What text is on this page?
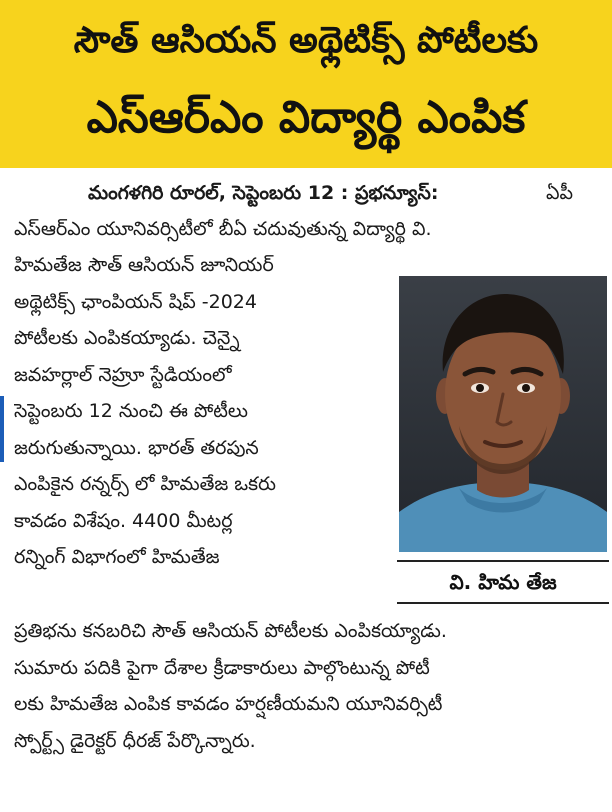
సౌత్ ఆసియన్ అథ్లెటిక్స్ పోటీలకు
ఎస్ఆర్ఎం విద్యార్థి ఎంపిక
మంగళగిరి రూరల్, సెప్టెంబరు 12 : ప్రభన్యూస్:	ఏపీ
ఎస్ఆర్ఎం యూనివర్సిటీలో బీఏ చదువుతున్న విద్యార్థి వి.
హిమతేజ సౌత్ ఆసియన్ జూనియర్
అథ్లెటిక్స్ ఛాంపియన్ షిప్ -2024
పోటీలకు ఎంపికయ్యాడు. చెన్నై
జవహర్లాల్ నెహ్రూ స్టేడియంలో
సెప్టెంబరు 12 నుంచి ఈ పోటీలు
జరుగుతున్నాయి. భారత్ తరపున
ఎంపికైన రన్నర్స్ లో హిమతేజ ఒకరు
కావడం విశేషం. 4400 మీటర్ల
రన్నింగ్ విభాగంలో హిమతేజ
ప్రతిభను కనబరిచి సౌత్ ఆసియన్ పోటీలకు ఎంపికయ్యాడు.
సుమారు పదికి పైగా దేశాల క్రీడాకారులు పాల్గొంటున్న పోటీ
లకు హిమతేజ ఎంపిక కావడం హర్షణీయమని యూనివర్సిటీ
స్పోర్ట్స్ డైరెక్టర్ ధీరజ్ పేర్కొన్నారు.
వి. హిమ తేజ
